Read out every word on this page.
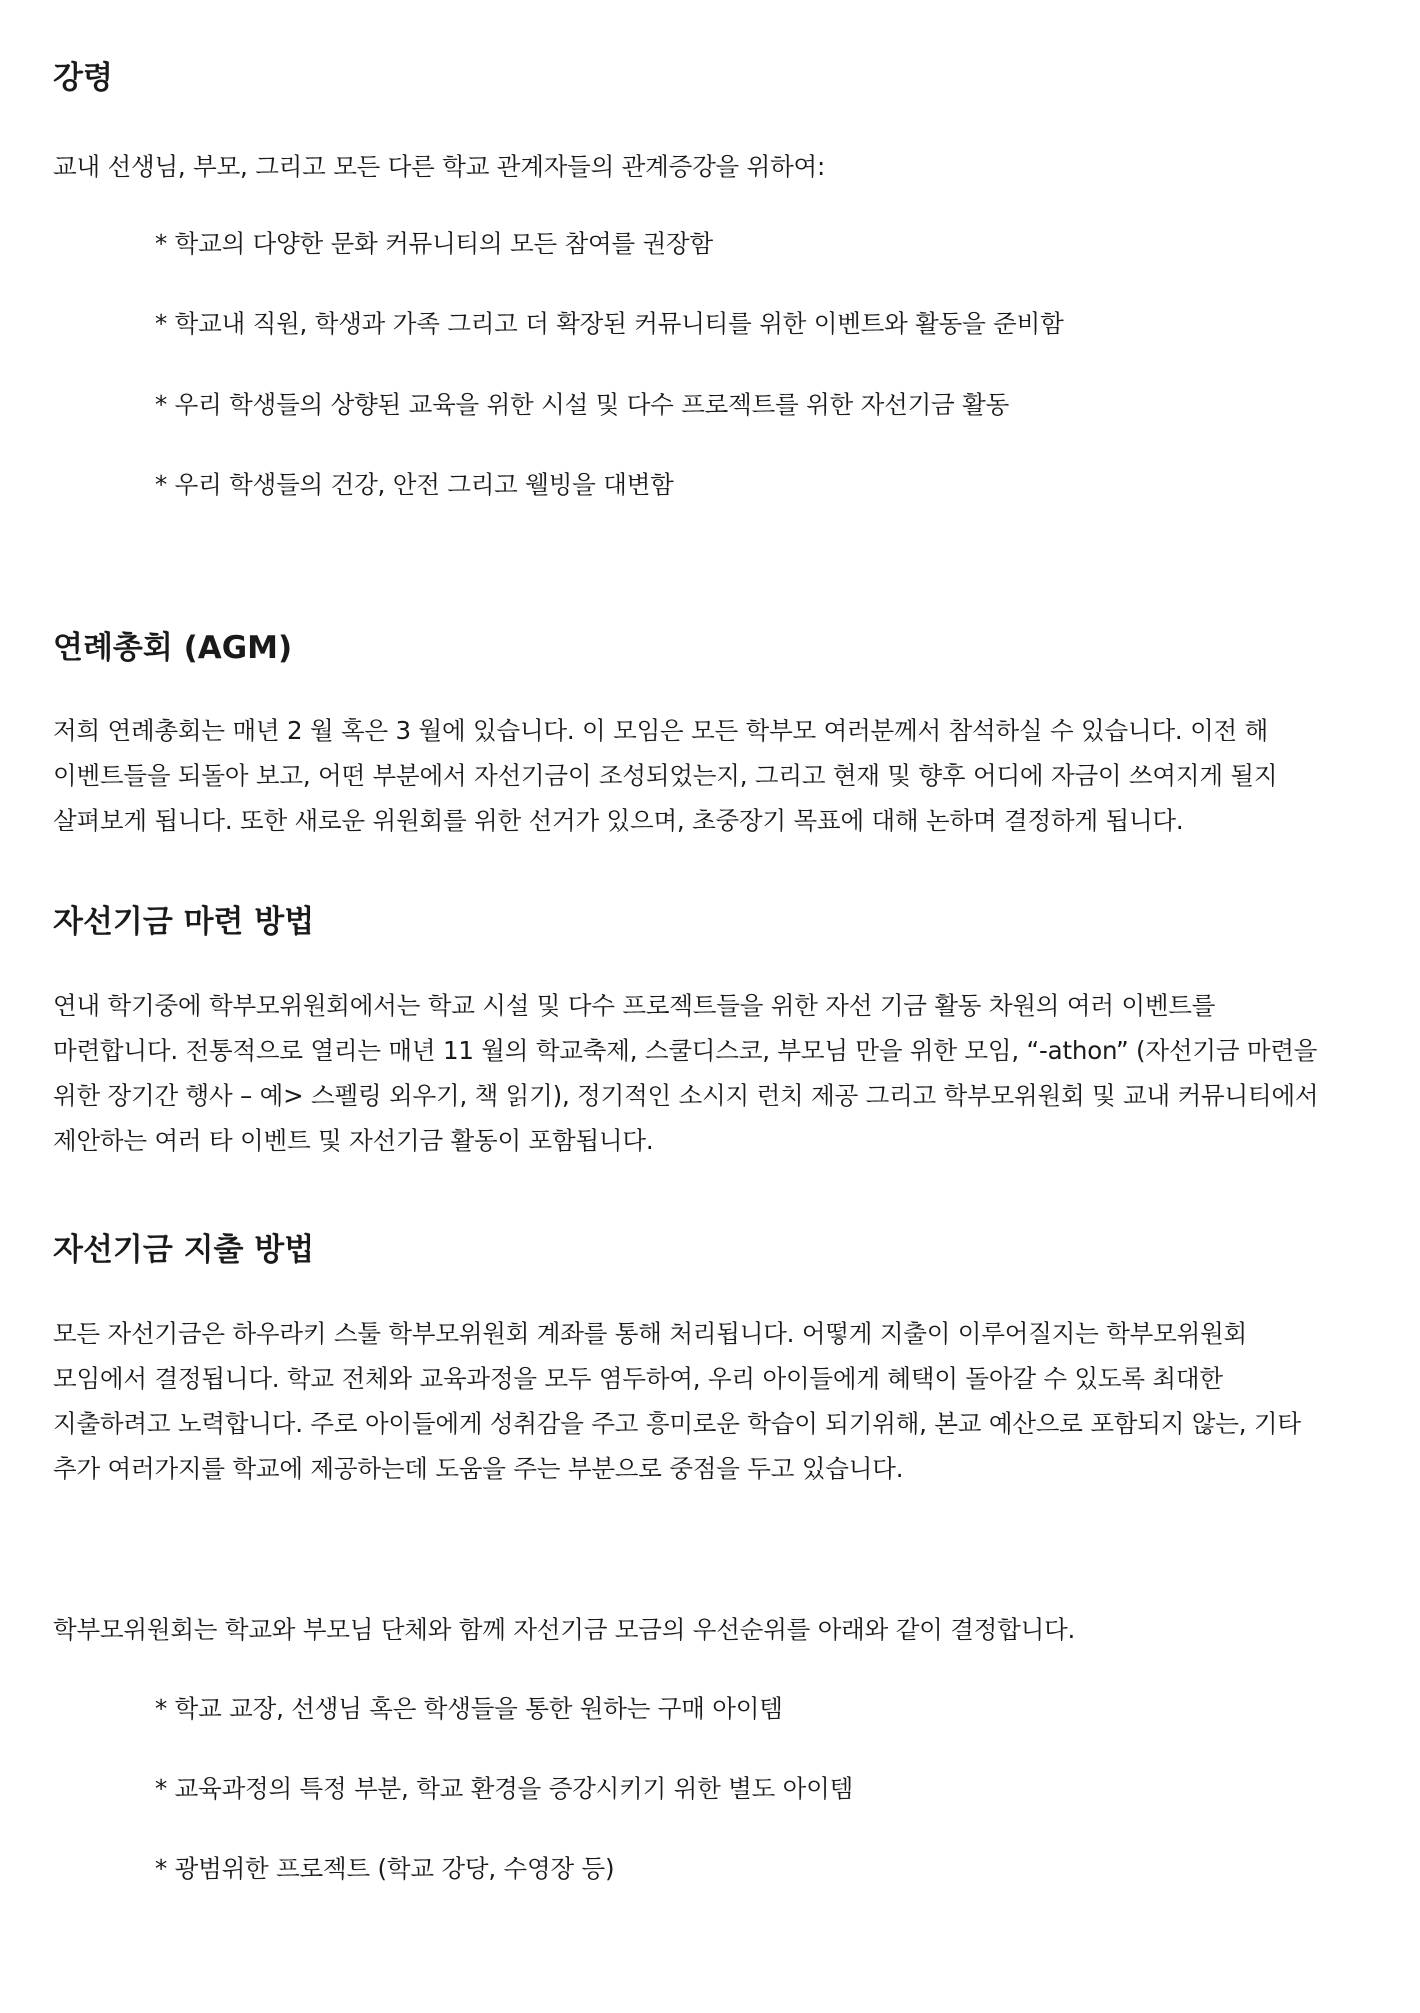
강령

교내 선생님, 부모, 그리고 모든 다른 학교 관계자들의 관계증강을 위하여:

* 학교의 다양한 문화 커뮤니티의 모든 참여를 권장함

* 학교내 직원, 학생과 가족 그리고 더 확장된 커뮤니티를 위한 이벤트와 활동을 준비함

* 우리 학생들의 상향된 교육을 위한 시설 및 다수 프로젝트를 위한 자선기금 활동

* 우리 학생들의 건강, 안전 그리고 웰빙을 대변함

연례총회 (AGM)
저희 연례총회는 매년 2 월 혹은 3 월에 있습니다. 이 모임은 모든 학부모 여러분께서 참석하실 수 있습니다. 이전 해
이벤트들을 되돌아 보고, 어떤 부분에서 자선기금이 조성되었는지, 그리고 현재 및 향후 어디에 자금이 쓰여지게 될지
살펴보게 됩니다. 또한 새로운 위원회를 위한 선거가 있으며, 초중장기 목표에 대해 논하며 결정하게 됩니다.
자선기금 마련 방법
연내 학기중에 학부모위원회에서는 학교 시설 및 다수 프로젝트들을 위한 자선 기금 활동 차원의 여러 이벤트를
마련합니다. 전통적으로 열리는 매년 11 월의 학교축제, 스쿨디스코, 부모님 만을 위한 모임, “-athon” (자선기금 마련을
위한 장기간 행사 – 예> 스펠링 외우기, 책 읽기), 정기적인 소시지 런치 제공 그리고 학부모위원회 및 교내 커뮤니티에서
제안하는 여러 타 이벤트 및 자선기금 활동이 포함됩니다.
자선기금 지출 방법
모든 자선기금은 하우라키 스툴 학부모위원회 계좌를 통해 처리됩니다. 어떻게 지출이 이루어질지는 학부모위원회
모임에서 결정됩니다. 학교 전체와 교육과정을 모두 염두하여, 우리 아이들에게 혜택이 돌아갈 수 있도록 최대한
지출하려고 노력합니다. 주로 아이들에게 성취감을 주고 흥미로운 학습이 되기위해, 본교 예산으로 포함되지 않는, 기타
추가 여러가지를 학교에 제공하는데 도움을 주는 부분으로 중점을 두고 있습니다.

학부모위원회는 학교와 부모님 단체와 함께 자선기금 모금의 우선순위를 아래와 같이 결정합니다.

* 학교 교장, 선생님 혹은 학생들을 통한 원하는 구매 아이템

* 교육과정의 특정 부분, 학교 환경을 증강시키기 위한 별도 아이템

* 광범위한 프로젝트 (학교 강당, 수영장 등)
